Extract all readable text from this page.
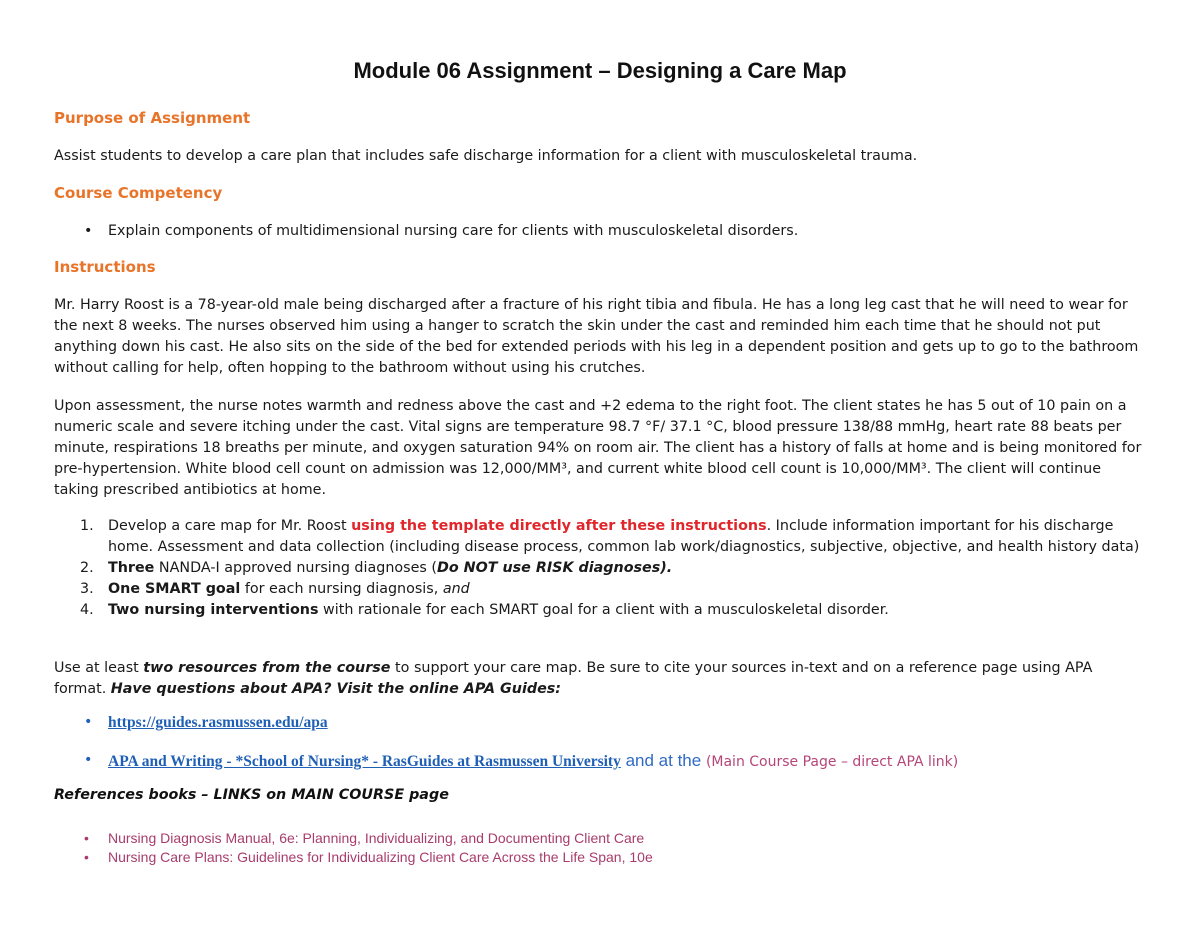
Module 06 Assignment – Designing a Care Map
Purpose of Assignment
Assist students to develop a care plan that includes safe discharge information for a client with musculoskeletal trauma.
Course Competency
• Explain components of multidimensional nursing care for clients with musculoskeletal disorders.
Instructions
Mr. Harry Roost is a 78-year-old male being discharged after a fracture of his right tibia and fibula. He has a long leg cast that he will need to wear for the next 8 weeks. The nurses observed him using a hanger to scratch the skin under the cast and reminded him each time that he should not put anything down his cast. He also sits on the side of the bed for extended periods with his leg in a dependent position and gets up to go to the bathroom without calling for help, often hopping to the bathroom without using his crutches.
Upon assessment, the nurse notes warmth and redness above the cast and +2 edema to the right foot. The client states he has 5 out of 10 pain on a numeric scale and severe itching under the cast. Vital signs are temperature 98.7 °F/ 37.1 °C, blood pressure 138/88 mmHg, heart rate 88 beats per minute, respirations 18 breaths per minute, and oxygen saturation 94% on room air. The client has a history of falls at home and is being monitored for pre-hypertension. White blood cell count on admission was 12,000/MM³, and current white blood cell count is 10,000/MM³. The client will continue taking prescribed antibiotics at home.
1. Develop a care map for Mr. Roost using the template directly after these instructions. Include information important for his discharge home. Assessment and data collection (including disease process, common lab work/diagnostics, subjective, objective, and health history data)
2. Three NANDA-I approved nursing diagnoses (Do NOT use RISK diagnoses).
3. One SMART goal for each nursing diagnosis, and
4. Two nursing interventions with rationale for each SMART goal for a client with a musculoskeletal disorder.
Use at least two resources from the course to support your care map. Be sure to cite your sources in-text and on a reference page using APA format. Have questions about APA? Visit the online APA Guides:
• https://guides.rasmussen.edu/apa
• APA and Writing - *School of Nursing* - RasGuides at Rasmussen University and at the (Main Course Page – direct APA link)
References books – LINKS on MAIN COURSE page
• Nursing Diagnosis Manual, 6e: Planning, Individualizing, and Documenting Client Care
• Nursing Care Plans: Guidelines for Individualizing Client Care Across the Life Span, 10e
